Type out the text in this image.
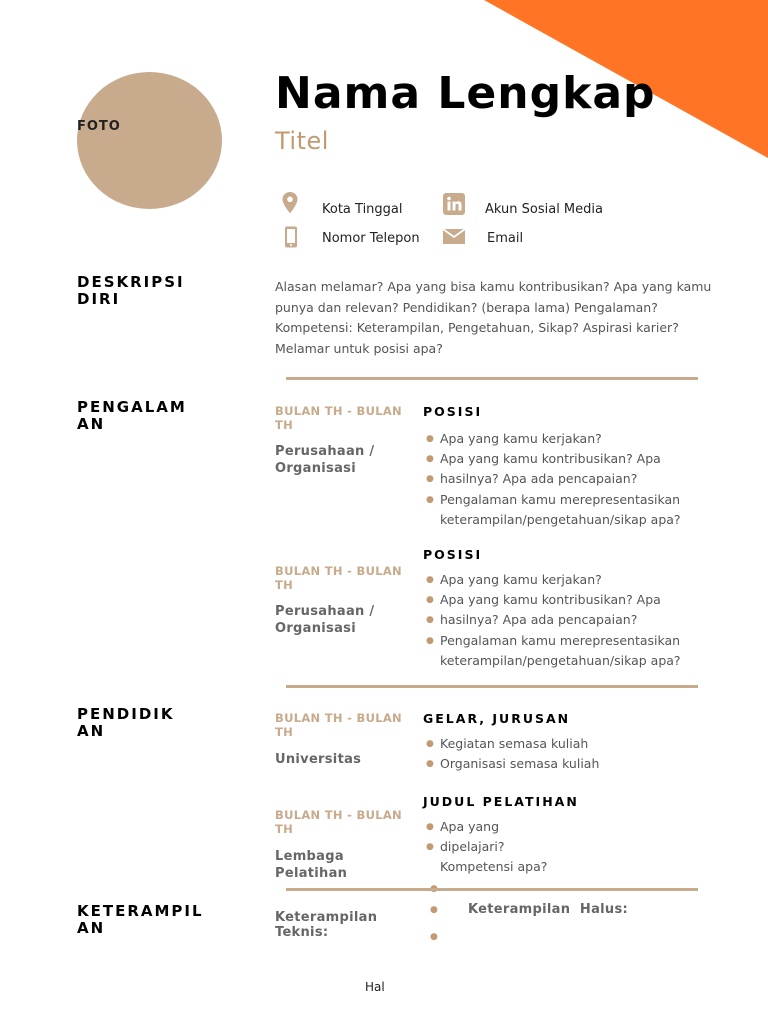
FOTO
Nama Lengkap
Titel
Kota Tinggal	Akun Sosial Media
Nomor Telepon	Email
DESKRIPSI
DIRI
Alasan melamar? Apa yang bisa kamu kontribusikan? Apa yang kamu punya dan relevan? Pendidikan? (berapa lama) Pengalaman? Kompetensi: Keterampilan, Pengetahuan, Sikap? Aspirasi karier? Melamar untuk posisi apa?
PENGALAM
AN
BULAN TH - BULAN TH
Perusahaan / Organisasi
POSISI
● Apa yang kamu kerjakan?
● Apa yang kamu kontribusikan? Apa
● hasilnya? Apa ada pencapaian?
● Pengalaman kamu merepresentasikan keterampilan/pengetahuan/sikap apa?
BULAN TH - BULAN TH
Perusahaan / Organisasi
POSISI
● Apa yang kamu kerjakan?
● Apa yang kamu kontribusikan? Apa
● hasilnya? Apa ada pencapaian?
● Pengalaman kamu merepresentasikan keterampilan/pengetahuan/sikap apa?
PENDIDIK
AN
BULAN TH - BULAN TH
Universitas
GELAR, JURUSAN
● Kegiatan semasa kuliah
● Organisasi semasa kuliah
BULAN TH - BULAN TH
Lembaga Pelatihan
JUDUL PELATIHAN
● Apa yang
● dipelajari?
Kompetensi apa?
KETERAMPIL
AN
Keterampilan Teknis:
● Keterampilan  Halus:
●
Hal
